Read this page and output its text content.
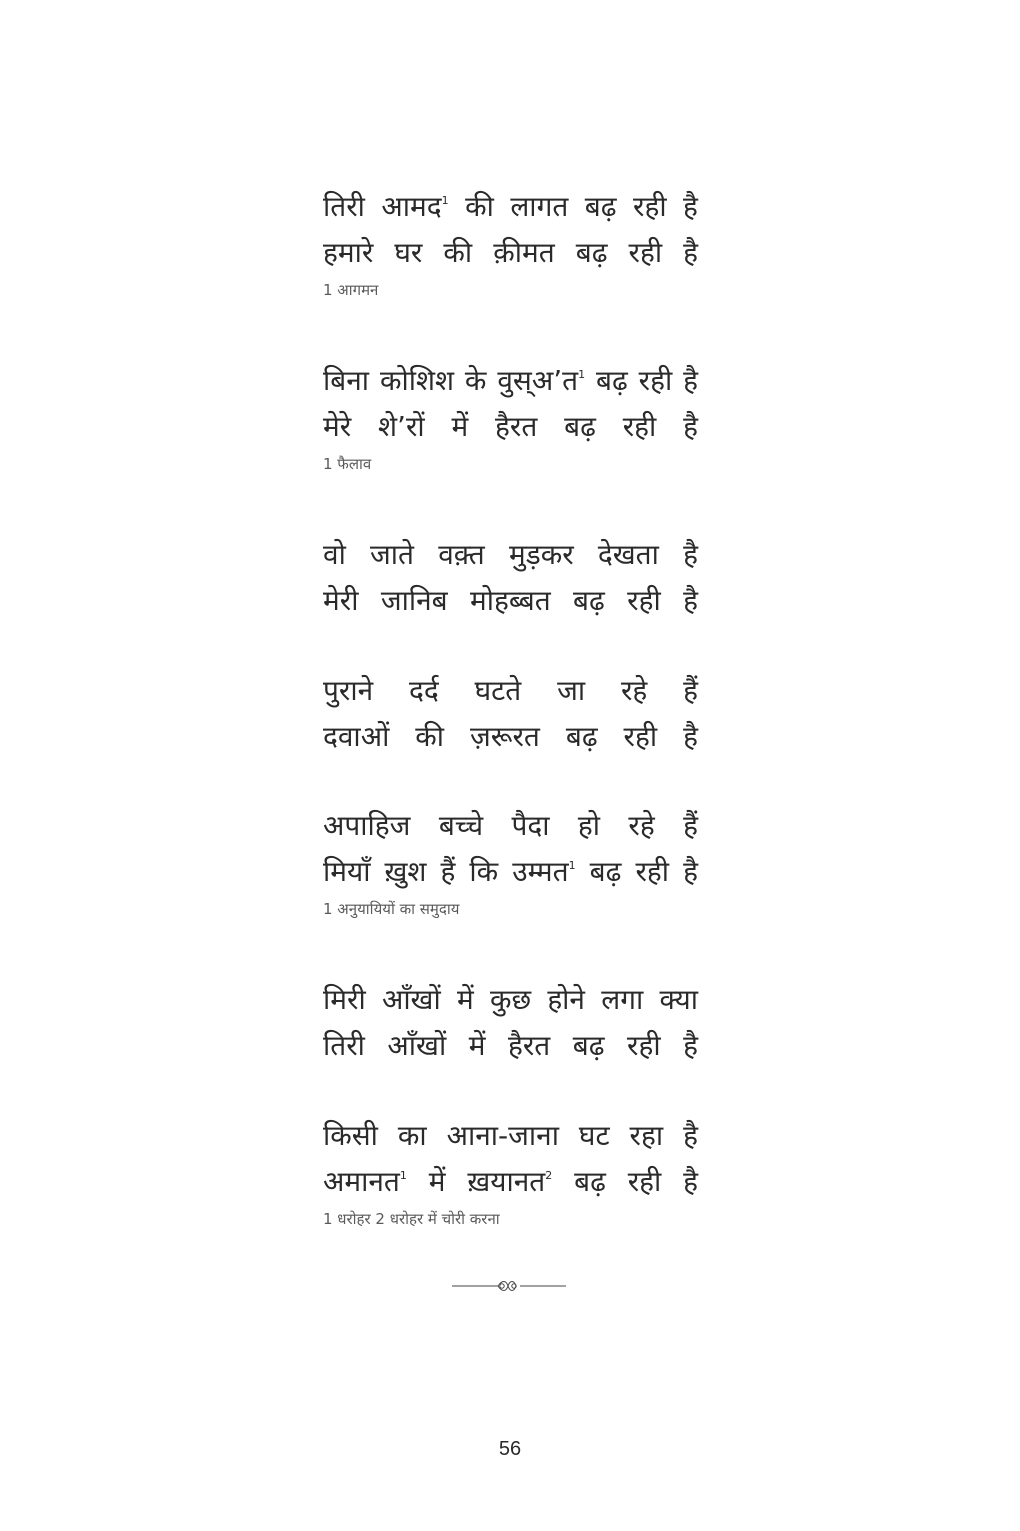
तिरी आमद$^1$ की लागत बढ़ रही है
हमारे घर की क़ीमत बढ़ रही है
1 आगमन
बिना कोशिश के वुस्अ’त$^1$ बढ़ रही है
मेरे शे’रों में हैरत बढ़ रही है
1 फैलाव
वो जाते वक़्त मुड़कर देखता है
मेरी जानिब मोहब्बत बढ़ रही है
पुराने दर्द घटते जा रहे हैं
दवाओं की ज़रूरत बढ़ रही है
अपाहिज बच्चे पैदा हो रहे हैं
मियाँ ख़ुश हैं कि उम्मत$^1$ बढ़ रही है
1 अनुयायियों का समुदाय
मिरी आँखों में कुछ होने लगा क्या
तिरी आँखों में हैरत बढ़ रही है
किसी का आना-जाना घट रहा है
अमानत$^1$ में ख़यानत$^2$ बढ़ रही है
1 धरोहर 2 धरोहर में चोरी करना
56
